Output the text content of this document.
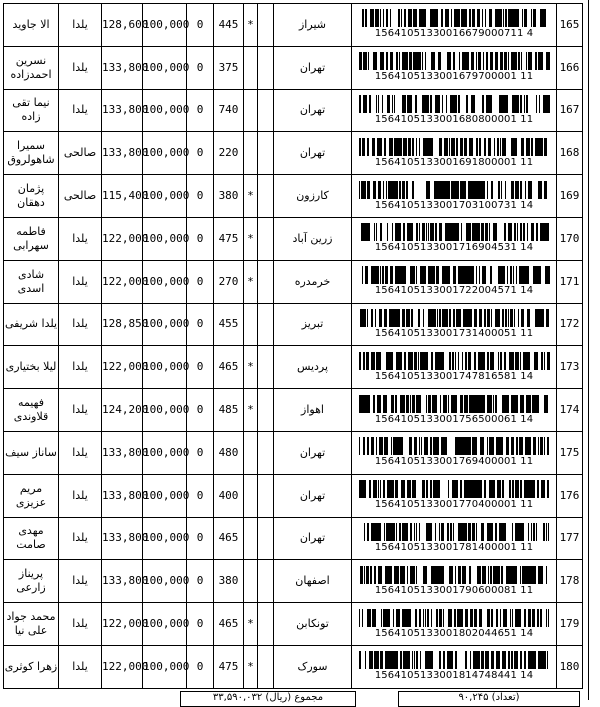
الا جاوید	یلدا	128,600	100,000	0	445	*		شیراز	15641051330016679000711 4	165
نسرین احمدزاده	یلدا	133,800	100,000	0	375			تهران	1564105133001679700001 11	166
نیما تقی زاده	یلدا	133,800	100,000	0	740			تهران	1564105133001680800001 11	167
سمیرا شاهولروق	صالحی	133,800	100,000	0	220			تهران	1564105133001691800001 11	168
پژمان دهقان	صالحی	115,400	100,000	0	380	*		کارزون	1564105133001703100731 14	169
فاطمه سهرابی	یلدا	122,000	100,000	0	475	*		زرین آباد	1564105133001716904531 14	170
شادی اسدی	یلدا	122,000	100,000	0	270	*		خرمدره	1564105133001722004571 14	171
یلدا شریفی	یلدا	128,850	100,000	0	455			تبریز	1564105133001731400051 11	172
لیلا بختیاری	یلدا	122,000	100,000	0	465	*		پردیس	1564105133001747816581 14	173
فهیمه قلاوندی	یلدا	124,200	100,000	0	485	*		اهواز	1564105133001756500061 14	174
ساناز سیف	یلدا	133,800	100,000	0	480			تهران	1564105133001769400001 11	175
مریم عزیزی	یلدا	133,800	100,000	0	400			تهران	1564105133001770400001 11	176
مهدی صامت	یلدا	133,800	100,000	0	465			تهران	1564105133001781400001 11	177
پریناز زارعی	یلدا	133,800	100,000	0	380			اصفهان	1564105133001790600081 11	178
محمد جواد علی نیا	یلدا	122,000	100,000	0	465	*		تونکابن	1564105133001802044651 14	179
زهرا کوثری	یلدا	122,000	100,000	0	475	*		سورک	1564105133001814748441 14	180
۳۳,۵۹۰,۰۳۲ (ریال) مجموع	۹۰,۲۴۵ (تعداد)
